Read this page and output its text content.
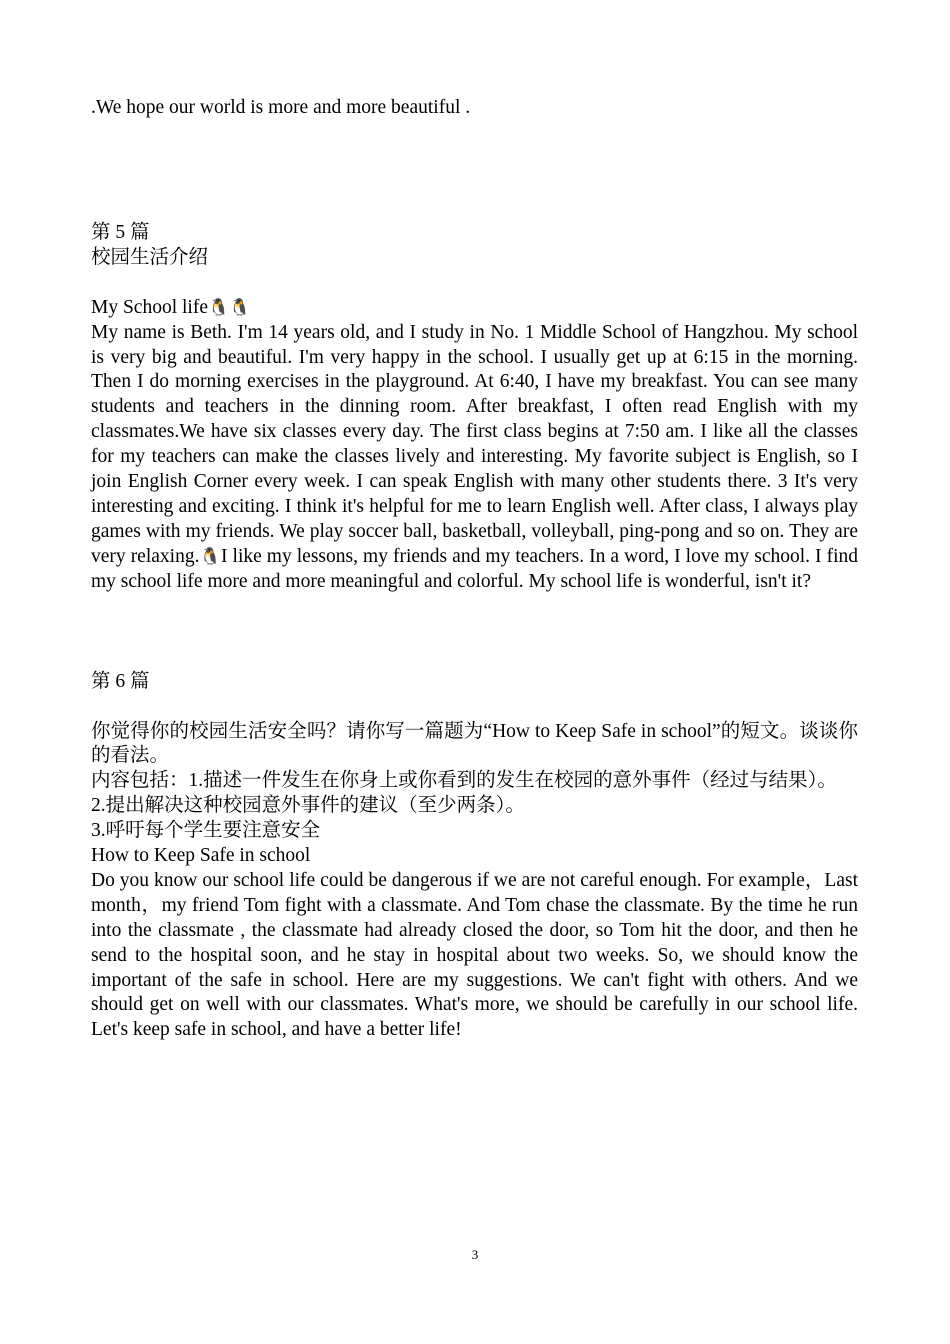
.We hope our world is more and more beautiful .

第 5 篇

校园生活介绍

My School life🐧🐧

My name is Beth. I'm 14 years old, and I study in No. 1 Middle School of Hangzhou. My school is very big and beautiful. I'm very happy in the school. I usually get up at 6:15 in the morning. Then I do morning exercises in the playground. At 6:40, I have my breakfast. You can see many students and teachers in the dinning room. After breakfast, I often read English with my classmates.We have six classes every day. The first class begins at 7:50 am. I like all the classes for my teachers can make the classes lively and interesting. My favorite subject is English, so I join English Corner every week. I can speak English with many other students there. 3 It's very interesting and exciting. I think it's helpful for me to learn English well. After class, I always play games with my friends. We play soccer ball, basketball, volleyball, ping-pong and so on. They are very relaxing.🐧I like my lessons, my friends and my teachers. In a word, I love my school. I find my school life more and more meaningful and colorful. My school life is wonderful, isn't it?

第 6 篇

你觉得你的校园生活安全吗？请你写一篇题为“How to Keep Safe in school”的短文。谈谈你的看法。

内容包括：1.描述一件发生在你身上或你看到的发生在校园的意外事件（经过与结果）。

2.提出解决这种校园意外事件的建议（至少两条）。

3.呼吁每个学生要注意安全

How to Keep Safe in school

Do you know our school life could be dangerous if we are not careful enough. For example，Last month，my friend Tom fight with a classmate. And Tom chase the classmate. By the time he run into the classmate , the classmate had already closed the door, so Tom hit the door, and then he send to the hospital soon, and he stay in hospital about two weeks. So, we should know the important of the safe in school. Here are my suggestions. We can't fight with others. And we should get on well with our classmates. What's more, we should be carefully in our school life. Let's keep safe in school, and have a better life!

3
